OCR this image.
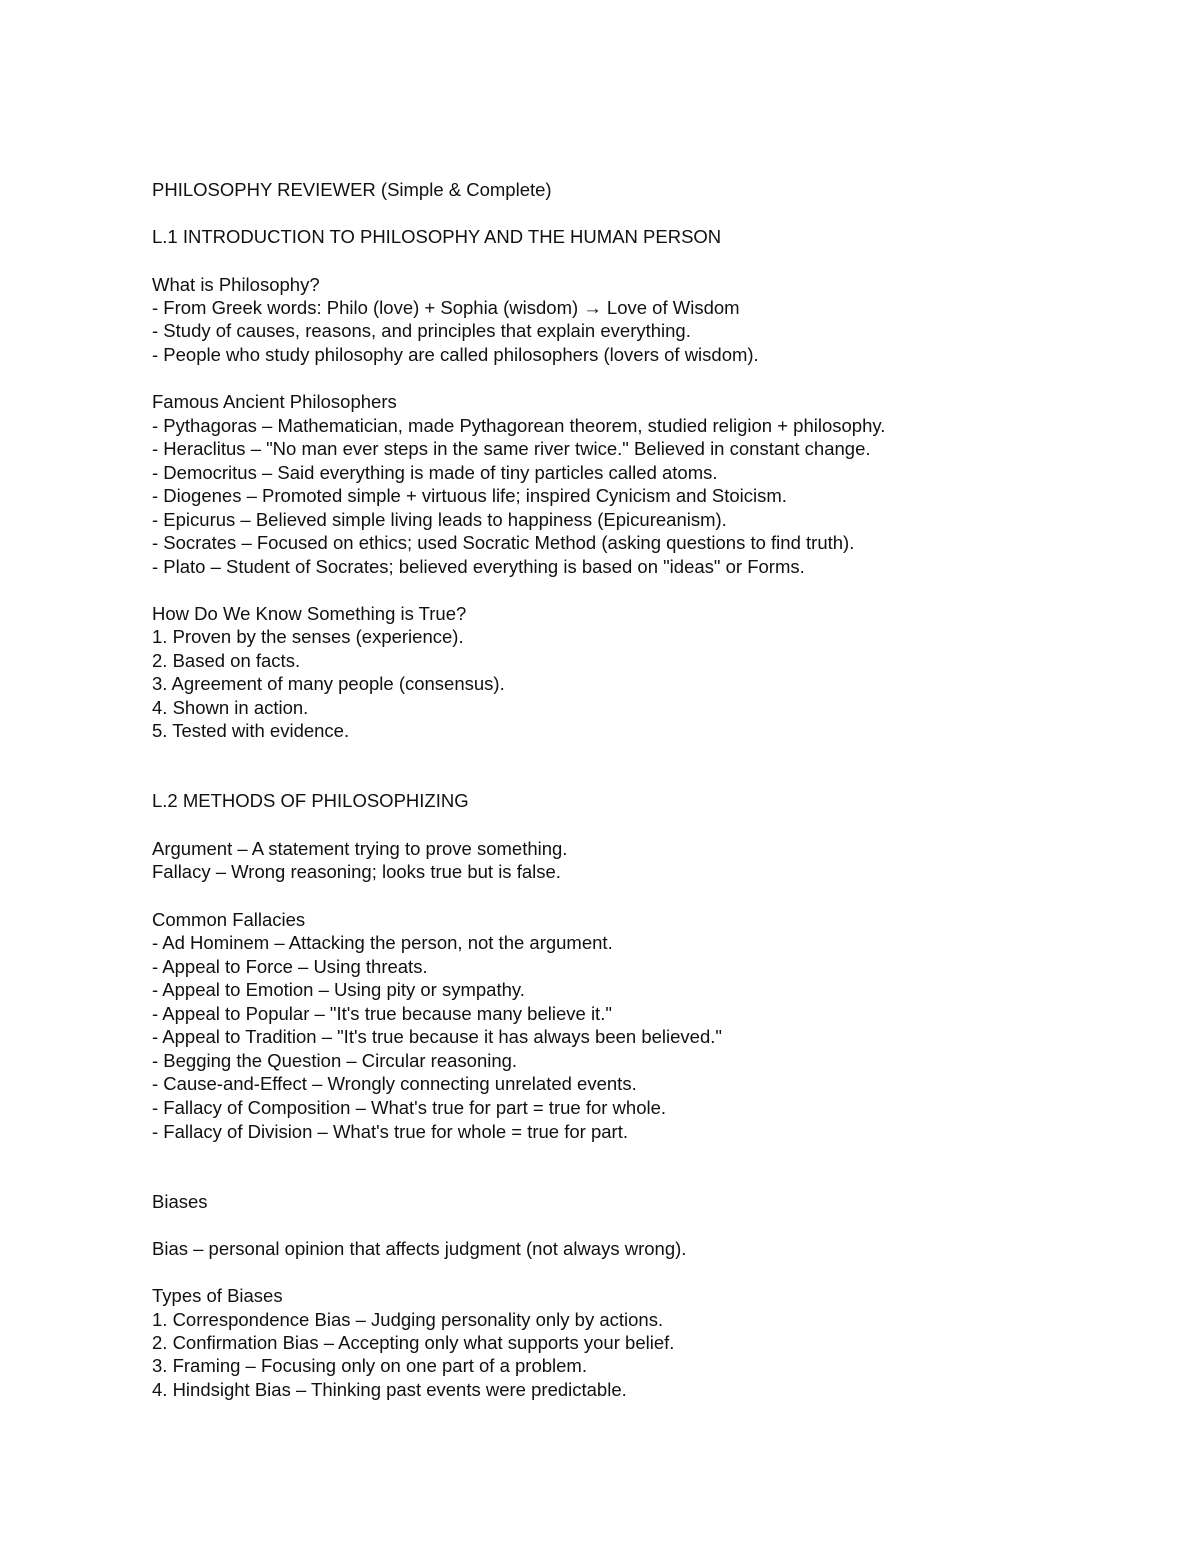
PHILOSOPHY REVIEWER (Simple & Complete)

L.1 INTRODUCTION TO PHILOSOPHY AND THE HUMAN PERSON

What is Philosophy?

- From Greek words: Philo (love) + Sophia (wisdom) → Love of Wisdom

- Study of causes, reasons, and principles that explain everything.

- People who study philosophy are called philosophers (lovers of wisdom).

Famous Ancient Philosophers

- Pythagoras – Mathematician, made Pythagorean theorem, studied religion + philosophy.

- Heraclitus – "No man ever steps in the same river twice." Believed in constant change.

- Democritus – Said everything is made of tiny particles called atoms.

- Diogenes – Promoted simple + virtuous life; inspired Cynicism and Stoicism.

- Epicurus – Believed simple living leads to happiness (Epicureanism).

- Socrates – Focused on ethics; used Socratic Method (asking questions to find truth).

- Plato – Student of Socrates; believed everything is based on "ideas" or Forms.

How Do We Know Something is True?

1. Proven by the senses (experience).

2. Based on facts.

3. Agreement of many people (consensus).

4. Shown in action.

5. Tested with evidence.

L.2 METHODS OF PHILOSOPHIZING

Argument – A statement trying to prove something.

Fallacy – Wrong reasoning; looks true but is false.

Common Fallacies

- Ad Hominem – Attacking the person, not the argument.

- Appeal to Force – Using threats.

- Appeal to Emotion – Using pity or sympathy.

- Appeal to Popular – "It's true because many believe it."

- Appeal to Tradition – "It's true because it has always been believed."

- Begging the Question – Circular reasoning.

- Cause-and-Effect – Wrongly connecting unrelated events.

- Fallacy of Composition – What's true for part = true for whole.

- Fallacy of Division – What's true for whole = true for part.

Biases

Bias – personal opinion that affects judgment (not always wrong).

Types of Biases

1. Correspondence Bias – Judging personality only by actions.

2. Confirmation Bias – Accepting only what supports your belief.

3. Framing – Focusing only on one part of a problem.

4. Hindsight Bias – Thinking past events were predictable.
